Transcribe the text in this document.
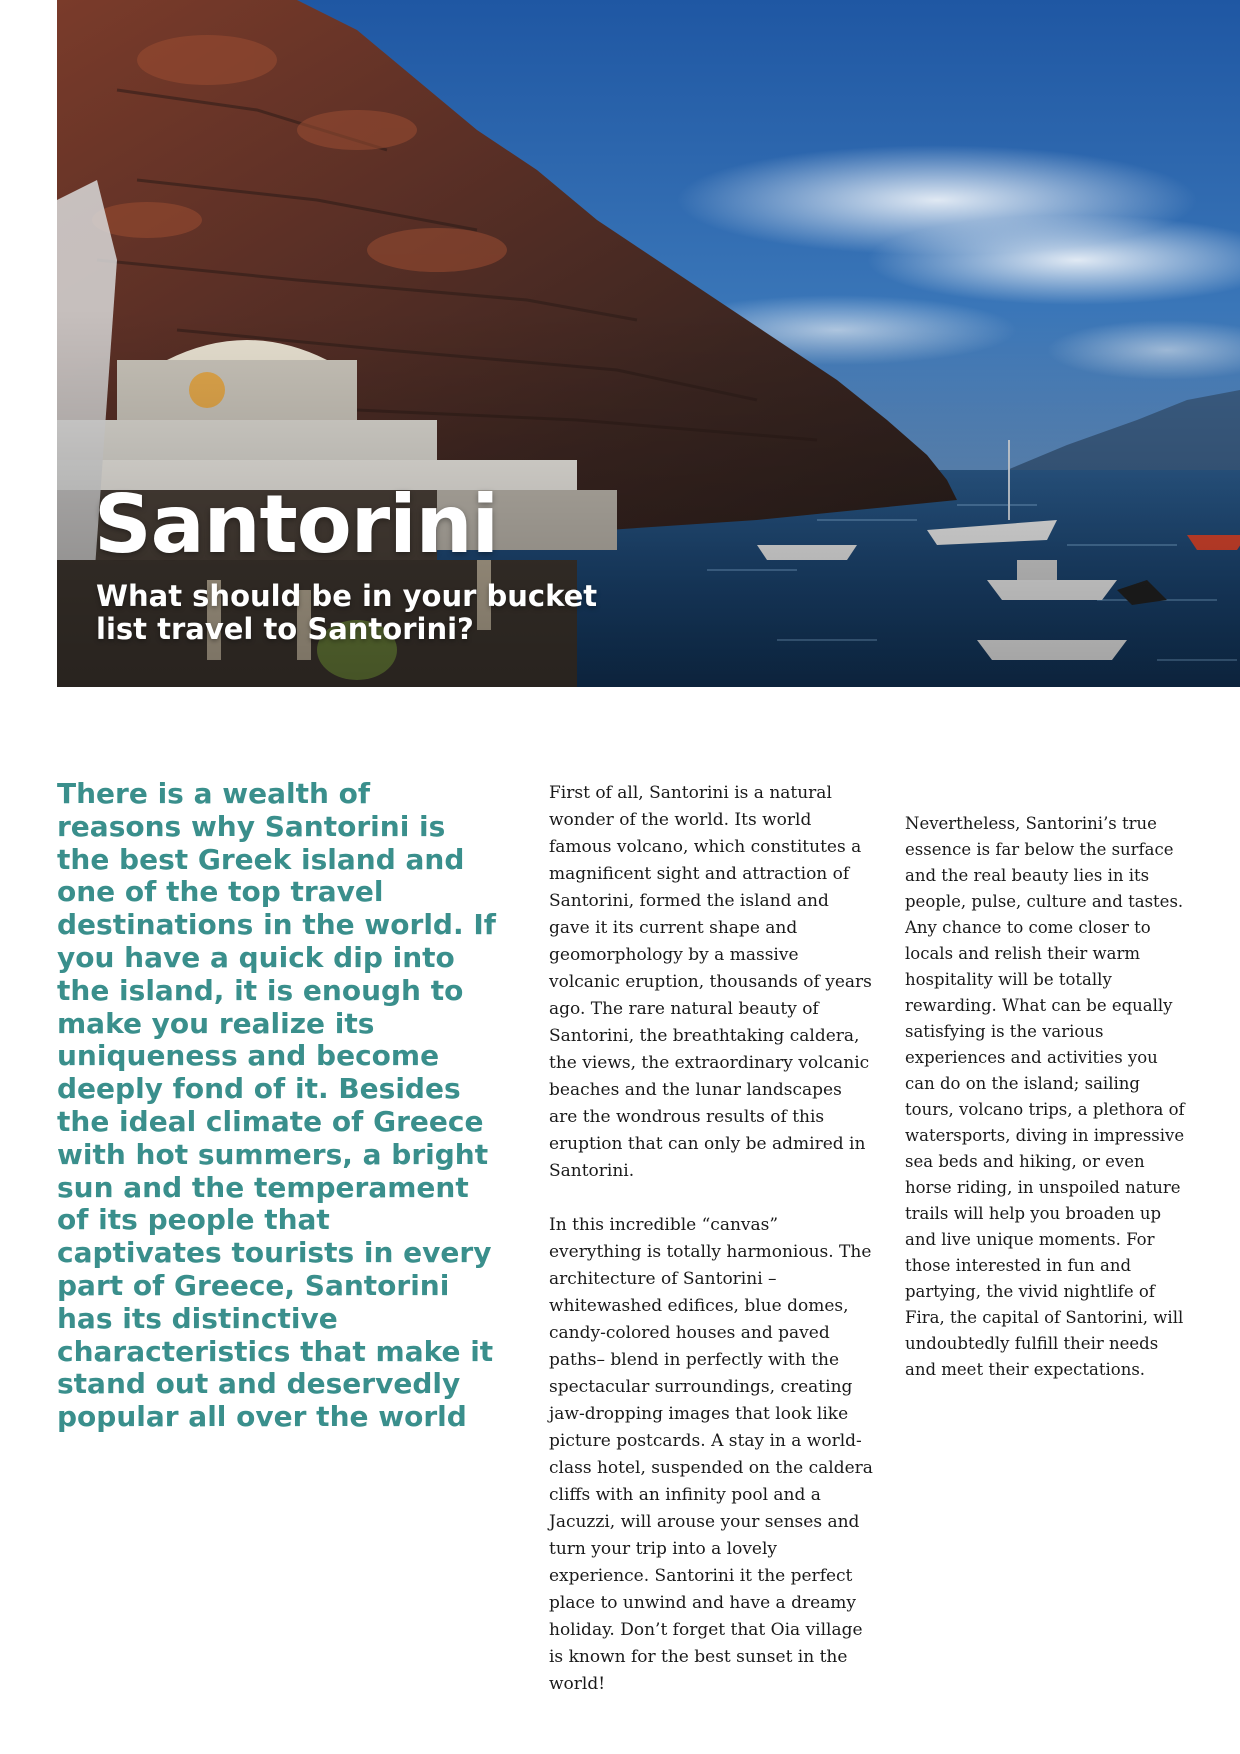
Santorini
What should be in your bucket list travel to Santorini?

There is a wealth of reasons why Santorini is the best Greek island and one of the top travel destinations in the world. If you have a quick dip into the island, it is enough to make you realize its uniqueness and become deeply fond of it. Besides the ideal climate of Greece with hot summers, a bright sun and the temperament of its people that captivates tourists in every part of Greece, Santorini has its distinctive characteristics that make it stand out and deservedly popular all over the world

First of all, Santorini is a natural wonder of the world. Its world famous volcano, which constitutes a magnificent sight and attraction of Santorini, formed the island and gave it its current shape and geomorphology by a massive volcanic eruption, thousands of years ago. The rare natural beauty of Santorini, the breathtaking caldera, the views, the extraordinary volcanic beaches and the lunar landscapes are the wondrous results of this eruption that can only be admired in Santorini.

In this incredible “canvas” everything is totally harmonious. The architecture of Santorini –whitewashed edifices, blue domes, candy-colored houses and paved paths– blend in perfectly with the spectacular surroundings, creating jaw-dropping images that look like picture postcards. A stay in a world-class hotel, suspended on the caldera cliffs with an infinity pool and a Jacuzzi, will arouse your senses and turn your trip into a lovely experience. Santorini it the perfect place to unwind and have a dreamy holiday. Don’t forget that Oia village is known for the best sunset in the world!

Nevertheless, Santorini’s true essence is far below the surface and the real beauty lies in its people, pulse, culture and tastes. Any chance to come closer to locals and relish their warm hospitality will be totally rewarding. What can be equally satisfying is the various experiences and activities you can do on the island; sailing tours, volcano trips, a plethora of watersports, diving in impressive sea beds and hiking, or even horse riding, in unspoiled nature trails will help you broaden up and live unique moments. For those interested in fun and partying, the vivid nightlife of Fira, the capital of Santorini, will undoubtedly fulfill their needs and meet their expectations.
